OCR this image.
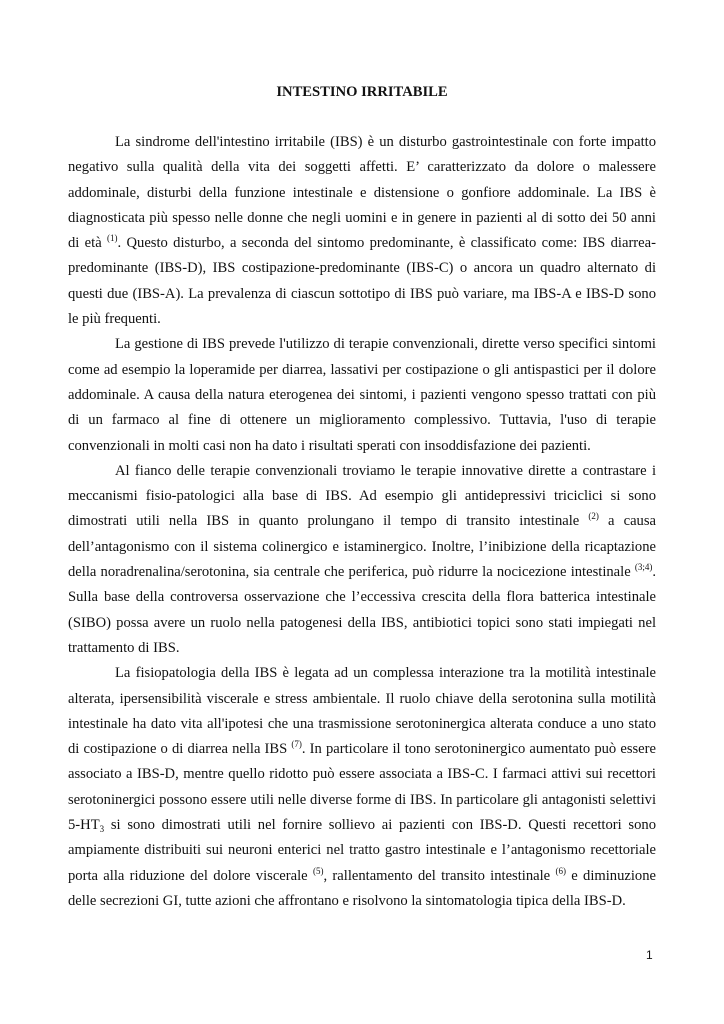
INTESTINO IRRITABILE

La sindrome dell'intestino irritabile (IBS) è un disturbo gastrointestinale con forte impatto negativo sulla qualità della vita dei soggetti affetti. E’ caratterizzato da dolore o malessere addominale, disturbi della funzione intestinale e distensione o gonfiore addominale. La IBS è diagnosticata più spesso nelle donne che negli uomini e in genere in pazienti al di sotto dei 50 anni di età $^{(1)}$. Questo disturbo, a seconda del sintomo predominante, è classificato come: IBS diarrea-predominante (IBS-D), IBS costipazione-predominante (IBS-C) o ancora un quadro alternato di questi due (IBS-A). La prevalenza di ciascun sottotipo di IBS può variare, ma IBS-A e IBS-D sono le più frequenti.

La gestione di IBS prevede l'utilizzo di terapie convenzionali, dirette verso specifici sintomi come ad esempio la loperamide per diarrea, lassativi per costipazione o gli antispastici per il dolore addominale. A causa della natura eterogenea dei sintomi, i pazienti vengono spesso trattati con più di un farmaco al fine di ottenere un miglioramento complessivo. Tuttavia, l'uso di terapie convenzionali in molti casi non ha dato i risultati sperati con insoddisfazione dei pazienti.

Al fianco delle terapie convenzionali troviamo le terapie innovative dirette a contrastare i meccanismi fisio-patologici alla base di IBS. Ad esempio gli antidepressivi triciclici si sono dimostrati utili nella IBS in quanto prolungano il tempo di transito intestinale $^{(2)}$ a causa dell’antagonismo con il sistema colinergico e istaminergico. Inoltre, l’inibizione della ricaptazione della noradrenalina/serotonina, sia centrale che periferica, può ridurre la nocicezione intestinale $^{(3;4)}$. Sulla base della controversa osservazione che l’eccessiva crescita della flora batterica intestinale (SIBO) possa avere un ruolo nella patogenesi della IBS, antibiotici topici sono stati impiegati nel trattamento di IBS.

La fisiopatologia della IBS è legata ad un complessa interazione tra la motilità intestinale alterata, ipersensibilità viscerale e stress ambientale. Il ruolo chiave della serotonina sulla motilità intestinale ha dato vita all'ipotesi che una trasmissione serotoninergica alterata conduce a uno stato di costipazione o di diarrea nella IBS $^{(7)}$. In particolare il tono serotoninergico aumentato può essere associato a IBS-D, mentre quello ridotto può essere associata a IBS-C. I farmaci attivi sui recettori serotoninergici possono essere utili nelle diverse forme di IBS. In particolare gli antagonisti selettivi $5-HT_3$ si sono dimostrati utili nel fornire sollievo ai pazienti con IBS-D. Questi recettori sono ampiamente distribuiti sui neuroni enterici nel tratto gastro intestinale e l’antagonismo recettoriale porta alla riduzione del dolore viscerale $^{(5)}$, rallentamento del transito intestinale $^{(6)}$ e diminuzione delle secrezioni GI, tutte azioni che affrontano e risolvono la sintomatologia tipica della IBS-D.

1
